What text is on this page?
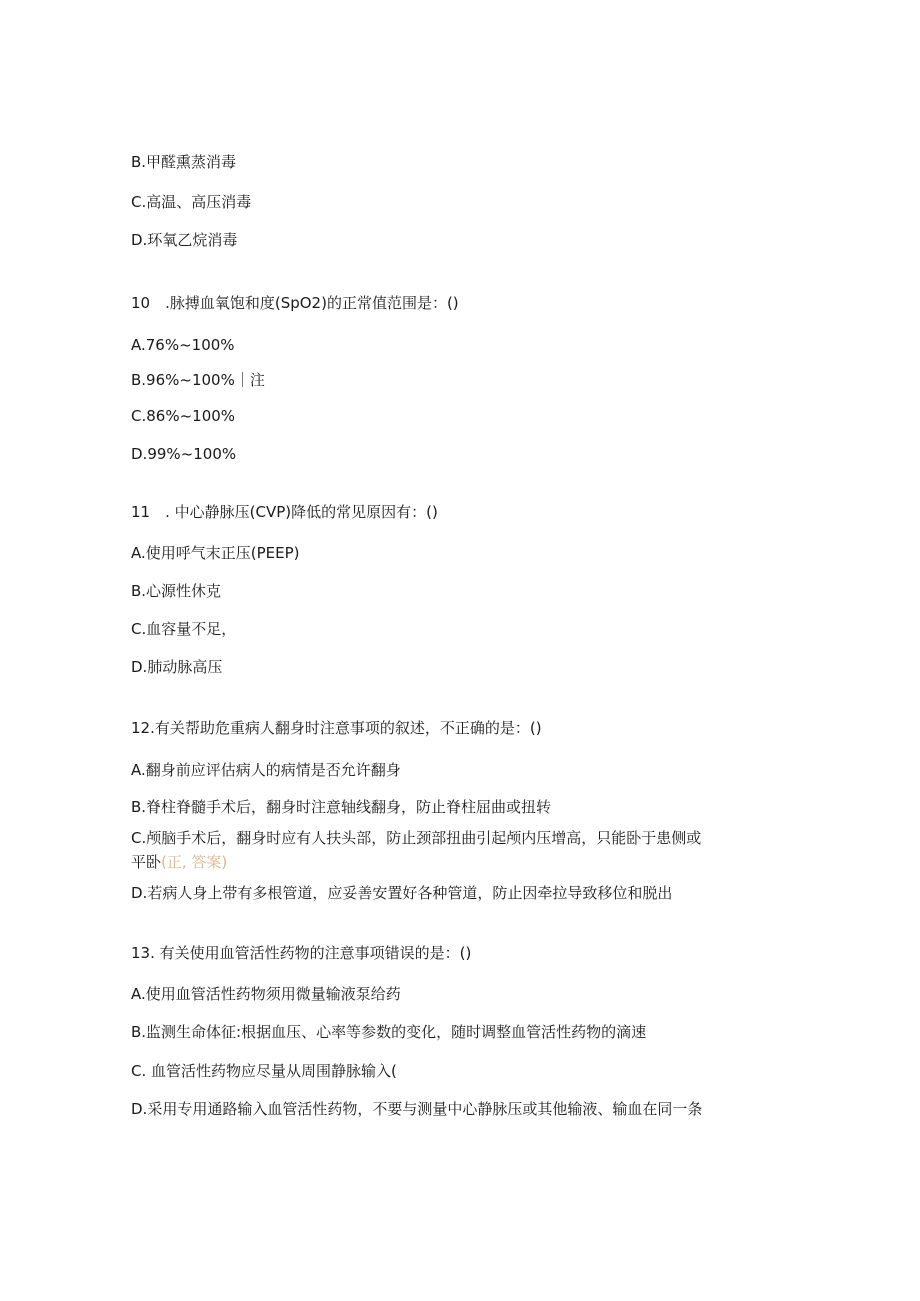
B.甲醛熏蒸消毒
C.高温、高压消毒
D.环氧乙烷消毒
10　.脉搏血氧饱和度(SpO2)的正常值范围是：()
A.76%~100%
B.96%~100%｜注
C.86%~100%
D.99%~100%
11　. 中心静脉压(CVP)降低的常见原因有：()
A.使用呼气末正压(PEEP)
B.心源性休克
C.血容量不足，
D.肺动脉高压
12.有关帮助危重病人翻身时注意事项的叙述，不正确的是：()
A.翻身前应评估病人的病情是否允许翻身
B.脊柱脊髓手术后，翻身时注意轴线翻身，防止脊柱屈曲或扭转
C.颅脑手术后，翻身时应有人扶头部，防止颈部扭曲引起颅内压增高，只能卧于患侧或
平卧(正, 答案)
D.若病人身上带有多根管道，应妥善安置好各种管道，防止因牵拉导致移位和脱出
13. 有关使用血管活性药物的注意事项错误的是：()
A.使用血管活性药物须用微量输液泵给药
B.监测生命体征:根据血压、心率等参数的变化，随时调整血管活性药物的滴速
C. 血管活性药物应尽量从周围静脉输入(
D.采用专用通路输入血管活性药物，不要与测量中心静脉压或其他输液、输血在同一条
